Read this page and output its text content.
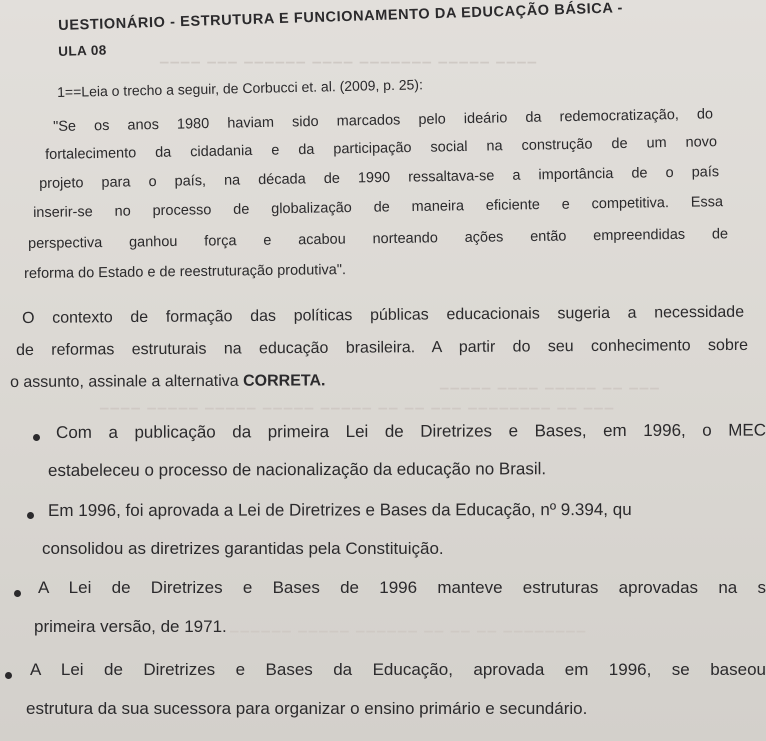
▔▔▔▔ ▔▔▔ ▔▔▔▔▔▔ ▔▔▔▔ ▔▔▔▔▔▔▔ ▔▔▔▔▔ ▔▔▔▔
▔▔▔▔▔ ▔▔▔▔ ▔▔▔▔▔ ▔▔ ▔▔▔
▔▔▔▔ ▔▔▔▔▔ ▔▔▔▔▔ ▔▔▔▔▔ ▔▔▔▔▔ ▔▔ ▔▔ ▔▔▔ ▔▔▔▔▔▔▔▔ ▔▔ ▔▔▔
▔▔▔▔▔▔ ▔▔▔▔▔ ▔▔▔▔▔▔ ▔▔ ▔▔ ▔▔ ▔▔▔▔▔▔▔▔
UESTIONÁRIO - ESTRUTURA E FUNCIONAMENTO DA EDUCAÇÃO BÁSICA -
ULA 08
1==Leia o trecho a seguir, de Corbucci et. al. (2009, p. 25):
"Se os anos 1980 haviam sido marcados pelo ideário da redemocratização, do
fortalecimento da cidadania e da participação social na construção de um novo
projeto para o país, na década de 1990 ressaltava-se a importância de o país
inserir-se no processo de globalização de maneira eficiente e competitiva. Essa
perspectiva ganhou força e acabou norteando ações então empreendidas de
reforma do Estado e de reestruturação produtiva".
O contexto de formação das políticas públicas educacionais sugeria a necessidade
de reformas estruturais na educação brasileira. A partir do seu conhecimento sobre
o assunto, assinale a alternativa CORRETA.
Com a publicação da primeira Lei de Diretrizes e Bases, em 1996, o MEC
estabeleceu o processo de nacionalização da educação no Brasil.
Em 1996, foi aprovada a Lei de Diretrizes e Bases da Educação, nº 9.394, qu
consolidou as diretrizes garantidas pela Constituição.
A Lei de Diretrizes e Bases de 1996 manteve estruturas aprovadas na s
primeira versão, de 1971.
A Lei de Diretrizes e Bases da Educação, aprovada em 1996, se baseou
estrutura da sua sucessora para organizar o ensino primário e secundário.
